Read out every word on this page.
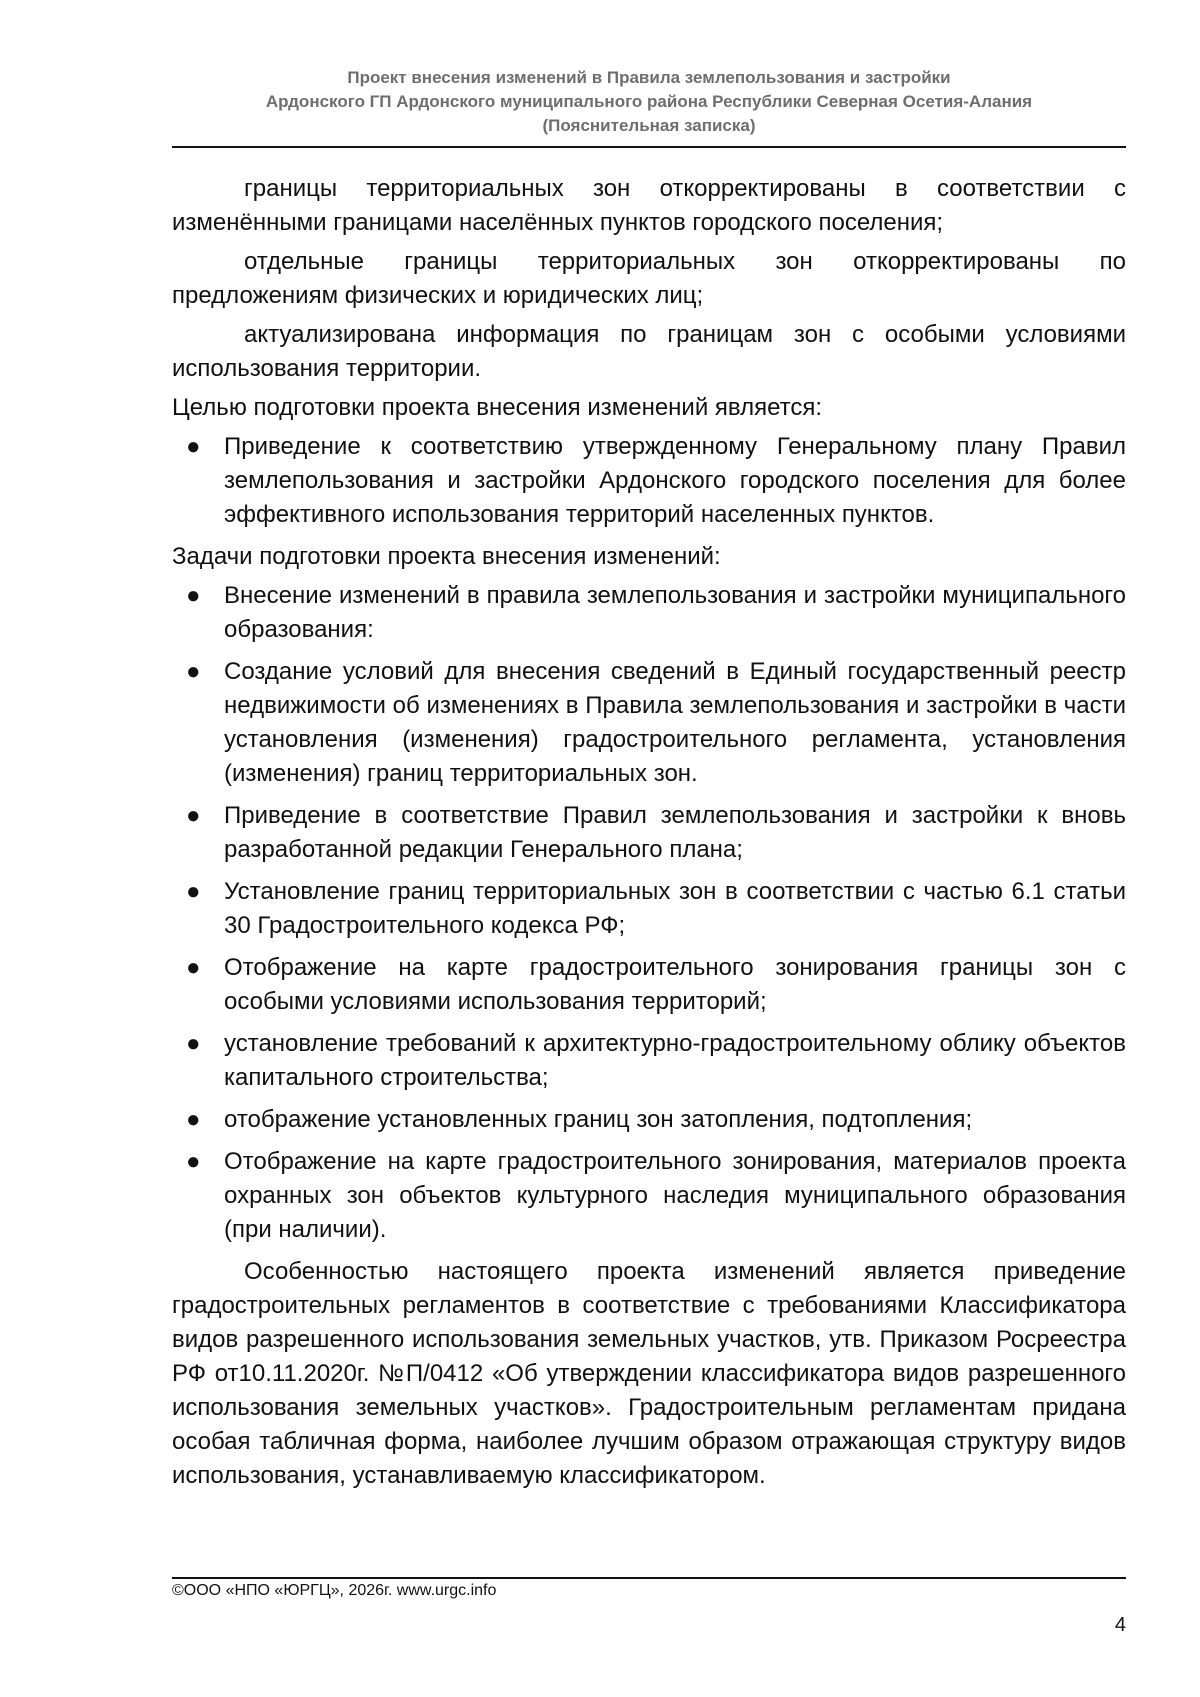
Проект внесения изменений в Правила землепользования и застройки
Ардонского ГП Ардонского муниципального района Республики Северная Осетия-Алания
(Пояснительная записка)

границы территориальных зон откорректированы в соответствии с изменёнными границами населённых пунктов городского поселения;

отдельные границы территориальных зон откорректированы по предложениям физических и юридических лиц;

актуализирована информация по границам зон с особыми условиями использования территории.

Целью подготовки проекта внесения изменений является:

● Приведение к соответствию утвержденному Генеральному плану Правил землепользования и застройки Ардонского городского поселения для более эффективного использования территорий населенных пунктов.

Задачи подготовки проекта внесения изменений:

● Внесение изменений в правила землепользования и застройки муниципального образования:
● Создание условий для внесения сведений в Единый государственный реестр недвижимости об изменениях в Правила землепользования и застройки в части установления (изменения) градостроительного регламента, установления (изменения) границ территориальных зон.
● Приведение в соответствие Правил землепользования и застройки к вновь разработанной редакции Генерального плана;
● Установление границ территориальных зон в соответствии с частью 6.1 статьи 30 Градостроительного кодекса РФ;
● Отображение на карте градостроительного зонирования границы зон с особыми условиями использования территорий;
● установление требований к архитектурно-градостроительному облику объектов капитального строительства;
● отображение установленных границ зон затопления, подтопления;
● Отображение на карте градостроительного зонирования, материалов проекта охранных зон объектов культурного наследия муниципального образования (при наличии).

Особенностью настоящего проекта изменений является приведение градостроительных регламентов в соответствие с требованиями Классификатора видов разрешенного использования земельных участков, утв. Приказом Росреестра РФ от10.11.2020г. №П/0412 «Об утверждении классификатора видов разрешенного использования земельных участков». Градостроительным регламентам придана особая табличная форма, наиболее лучшим образом отражающая структуру видов использования, устанавливаемую классификатором.

©ООО «НПО «ЮРГЦ», 2026г. www.urgc.info
4
